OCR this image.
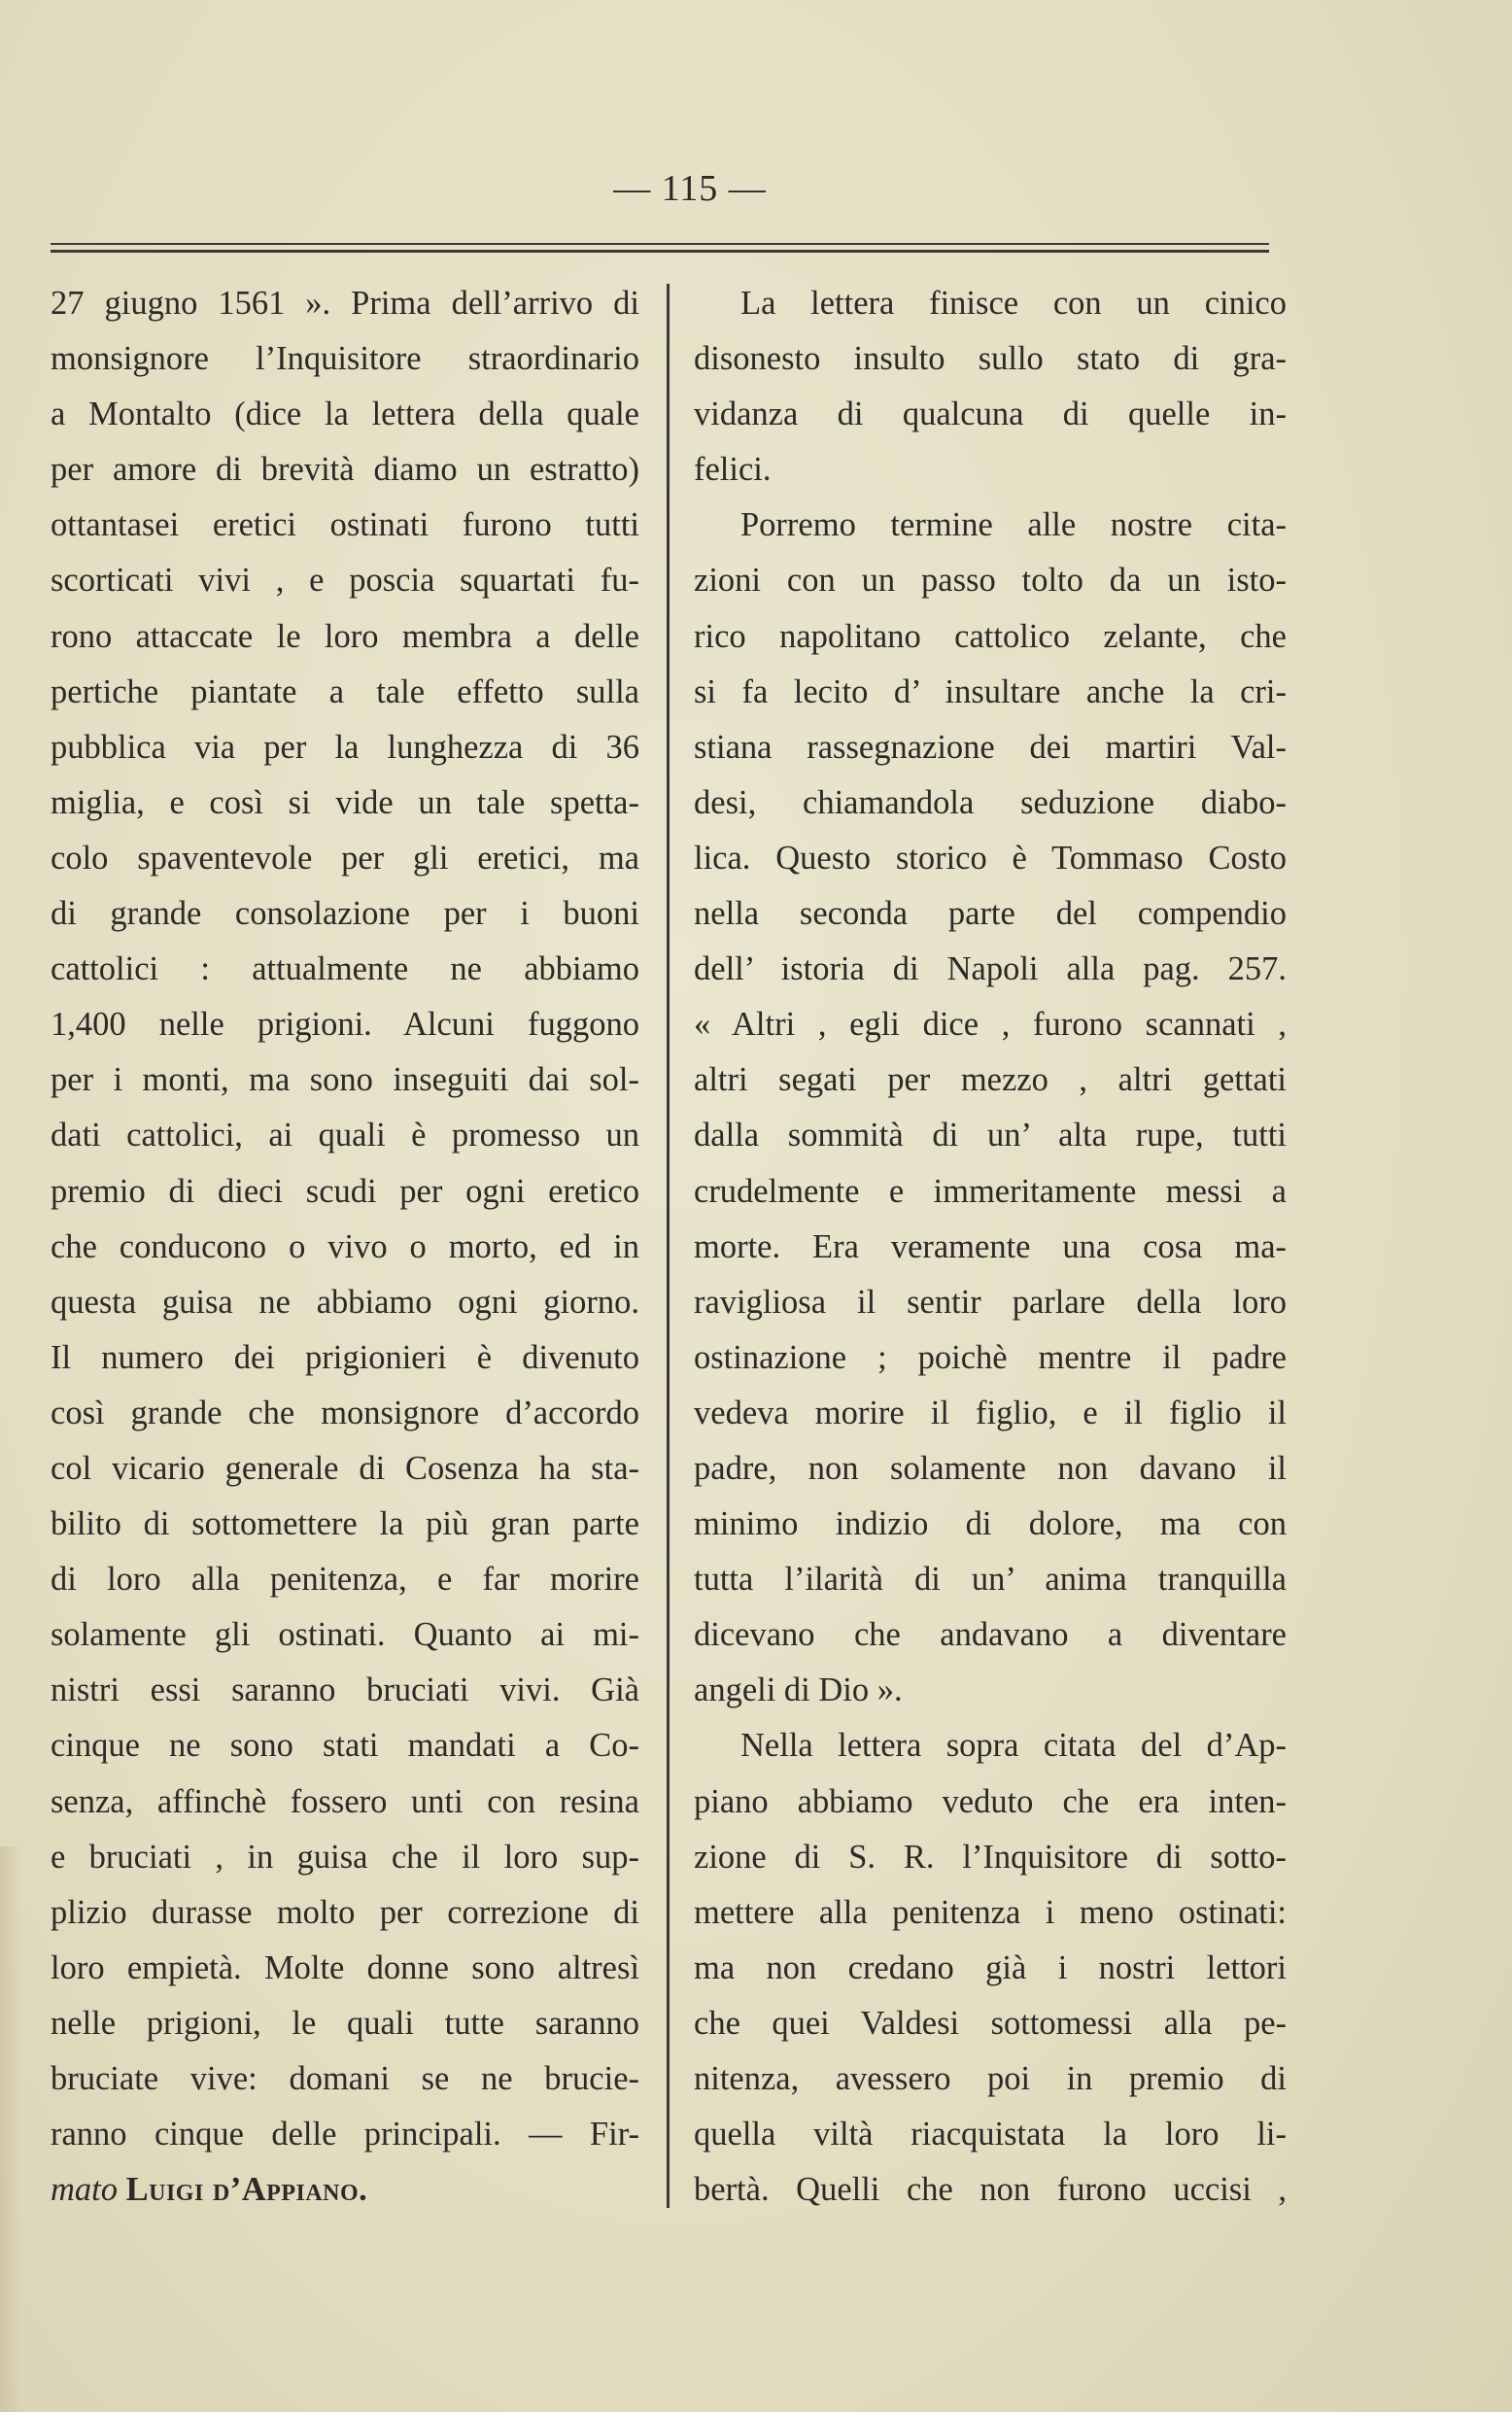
— 115 —
27 giugno 1561 ». Prima dell’arrivo di
monsignore l’Inquisitore straordinario
a Montalto (dice la lettera della quale
per amore di brevità diamo un estratto)
ottantasei eretici ostinati furono tutti
scorticati vivi , e poscia squartati fu-
rono attaccate le loro membra a delle
pertiche piantate a tale effetto sulla
pubblica via per la lunghezza di 36
miglia, e così si vide un tale spetta-
colo spaventevole per gli eretici, ma
di grande consolazione per i buoni
cattolici : attualmente ne abbiamo
1,400 nelle prigioni. Alcuni fuggono
per i monti, ma sono inseguiti dai sol-
dati cattolici, ai quali è promesso un
premio di dieci scudi per ogni eretico
che conducono o vivo o morto, ed in
questa guisa ne abbiamo ogni giorno.
Il numero dei prigionieri è divenuto
così grande che monsignore d’accordo
col vicario generale di Cosenza ha sta-
bilito di sottomettere la più gran parte
di loro alla penitenza, e far morire
solamente gli ostinati. Quanto ai mi-
nistri essi saranno bruciati vivi. Già
cinque ne sono stati mandati a Co-
senza, affinchè fossero unti con resina
e bruciati , in guisa che il loro sup-
plizio durasse molto per correzione di
loro empietà. Molte donne sono altresì
nelle prigioni, le quali tutte saranno
bruciate vive: domani se ne brucie-
ranno cinque delle principali. — Fir-
mato Luigi d’Appiano.
La lettera finisce con un cinico
disonesto insulto sullo stato di gra-
vidanza di qualcuna di quelle in-
felici.
Porremo termine alle nostre cita-
zioni con un passo tolto da un isto-
rico napolitano cattolico zelante, che
si fa lecito d’ insultare anche la cri-
stiana rassegnazione dei martiri Val-
desi, chiamandola seduzione diabo-
lica. Questo storico è Tommaso Costo
nella seconda parte del compendio
dell’ istoria di Napoli alla pag. 257.
« Altri , egli dice , furono scannati ,
altri segati per mezzo , altri gettati
dalla sommità di un’ alta rupe, tutti
crudelmente e immeritamente messi a
morte. Era veramente una cosa ma-
ravigliosa il sentir parlare della loro
ostinazione ; poichè mentre il padre
vedeva morire il figlio, e il figlio il
padre, non solamente non davano il
minimo indizio di dolore, ma con
tutta l’ilarità di un’ anima tranquilla
dicevano che andavano a diventare
angeli di Dio ».
Nella lettera sopra citata del d’Ap-
piano abbiamo veduto che era inten-
zione di S. R. l’Inquisitore di sotto-
mettere alla penitenza i meno ostinati:
ma non credano già i nostri lettori
che quei Valdesi sottomessi alla pe-
nitenza, avessero poi in premio di
quella viltà riacquistata la loro li-
bertà. Quelli che non furono uccisi ,
